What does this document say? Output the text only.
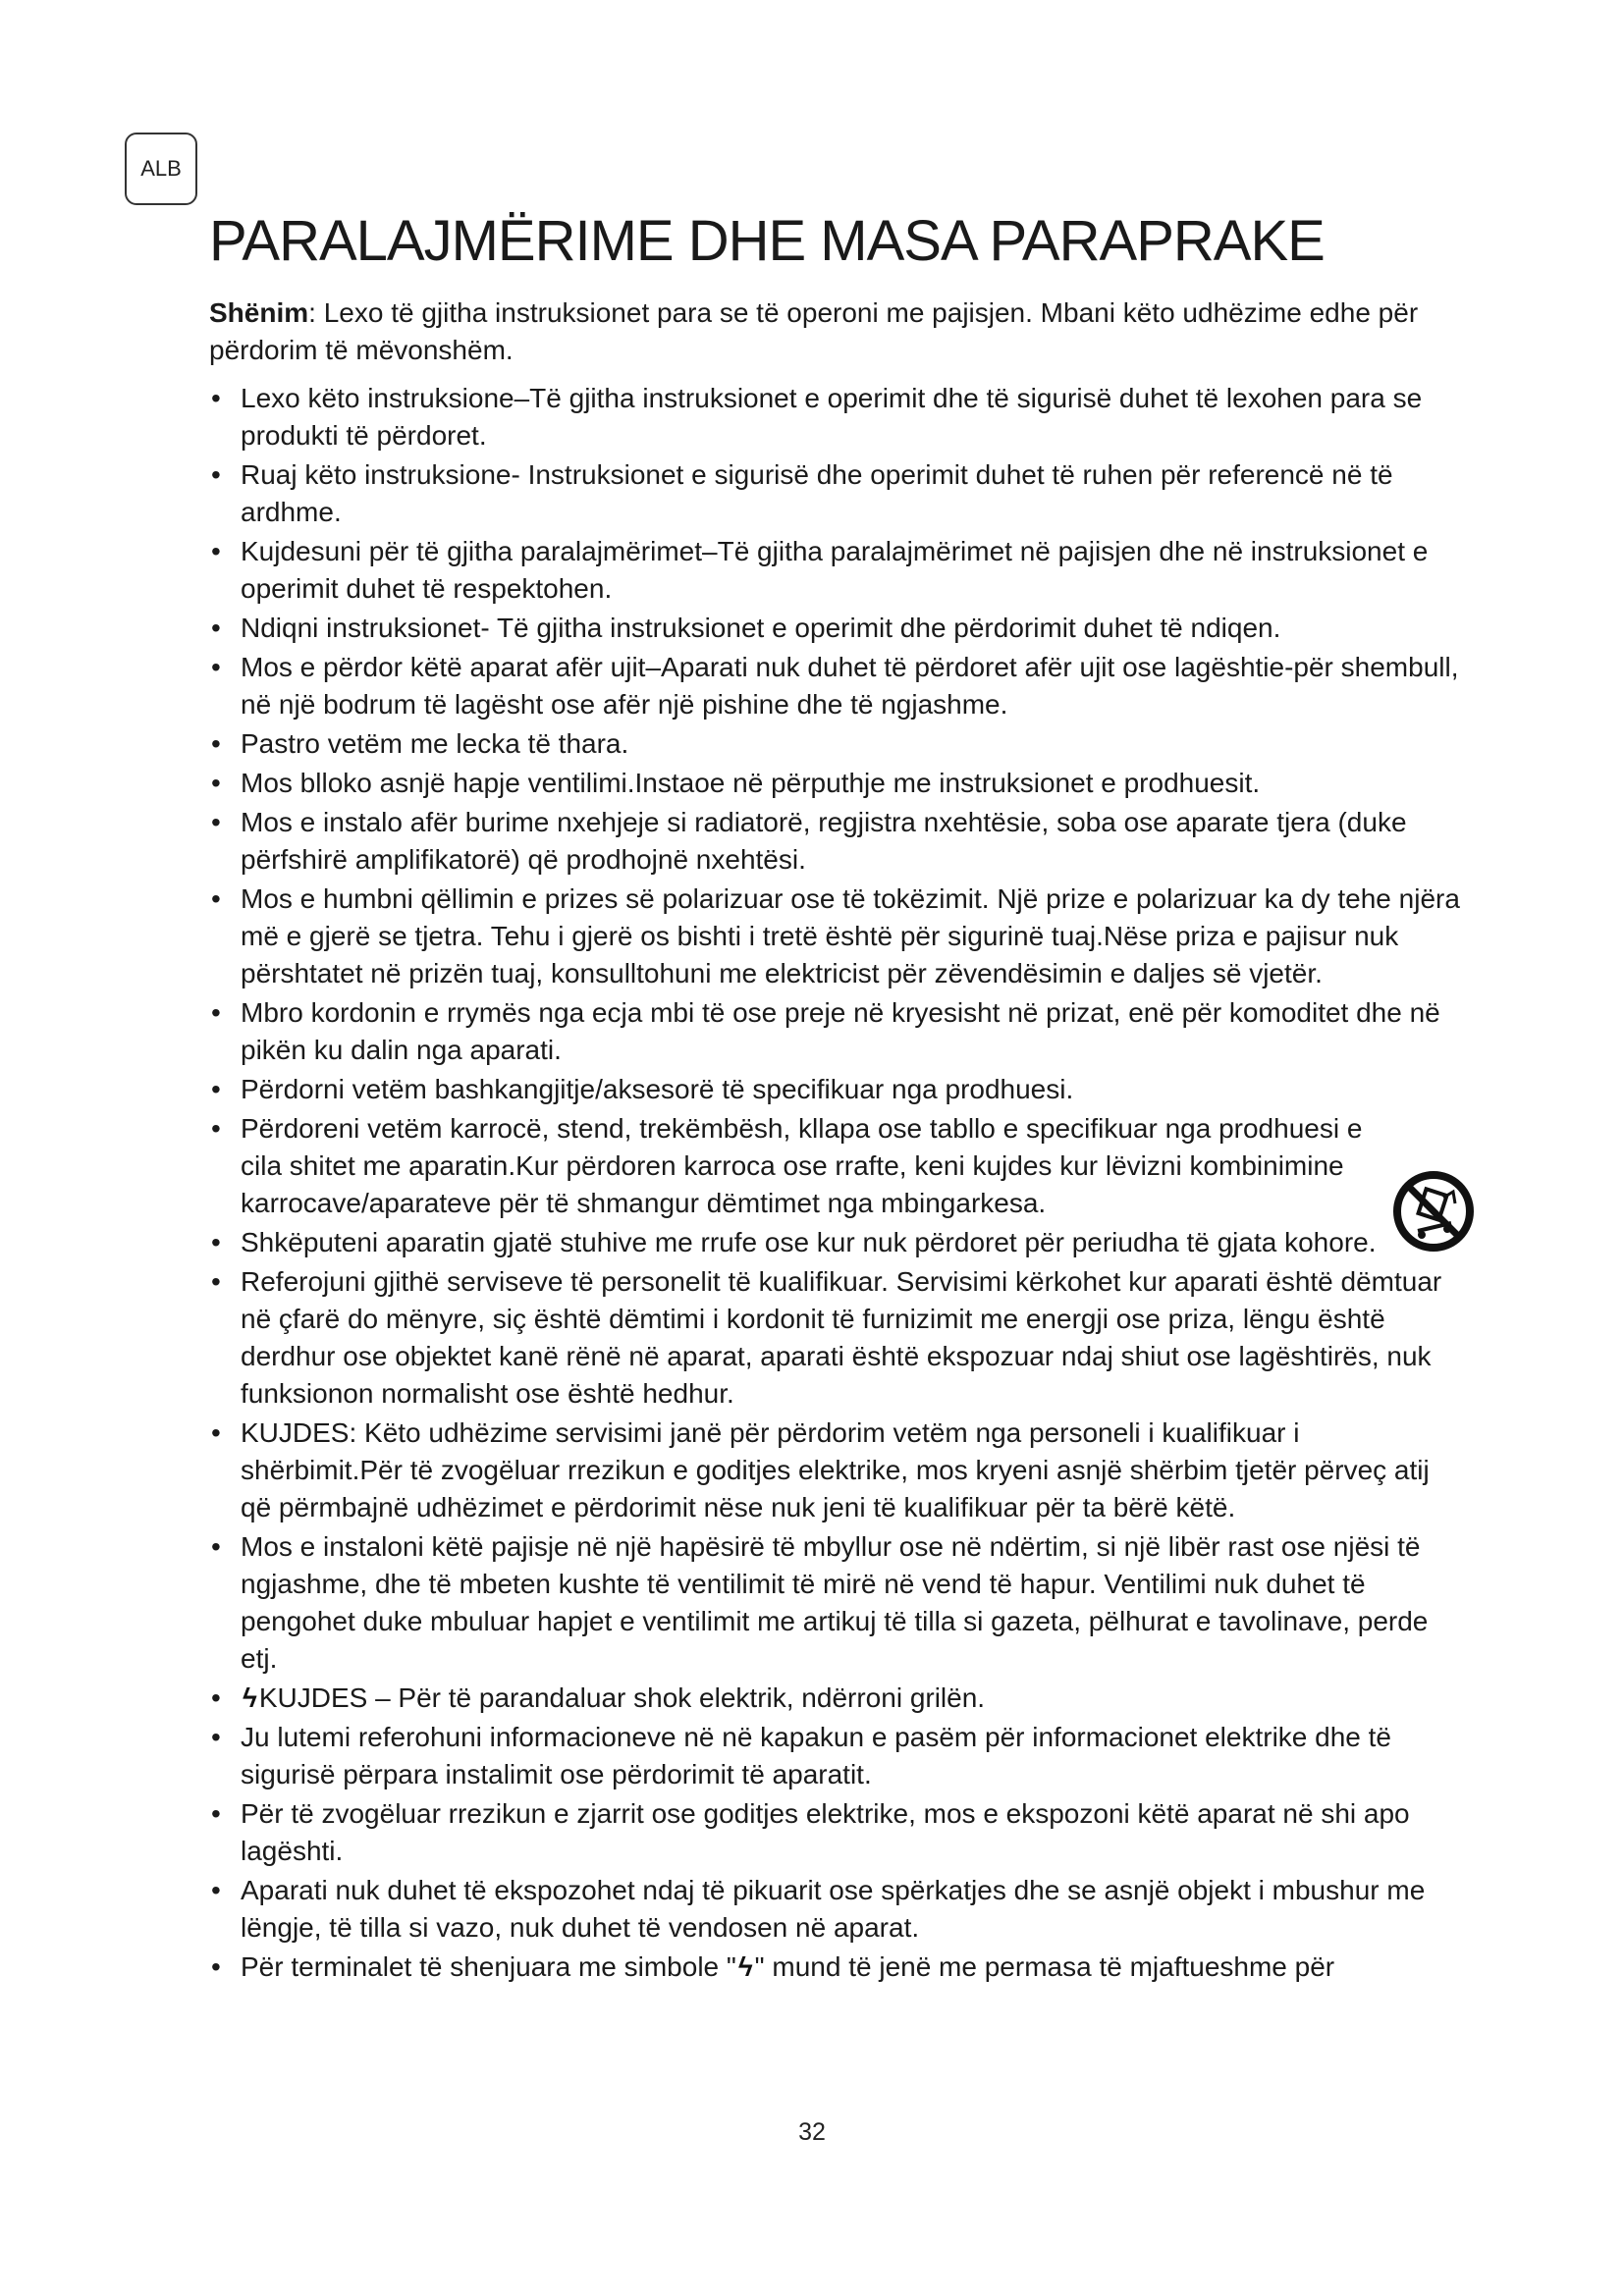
ALB
PARALAJMËRIME DHE MASA PARAPRAKE

Shënim: Lexo të gjitha instruksionet para se të operoni me pajisjen. Mbani këto udhëzime edhe për përdorim të mëvonshëm.

• Lexo këto instruksione–Të gjitha instruksionet e operimit dhe të sigurisë duhet të lexohen para se produkti të përdoret.
• Ruaj këto instruksione- Instruksionet e sigurisë dhe operimit duhet të ruhen për referencë në të ardhme.
• Kujdesuni për të gjitha paralajmërimet–Të gjitha paralajmërimet në pajisjen dhe në instruksionet e operimit duhet të respektohen.
• Ndiqni instruksionet- Të gjitha instruksionet e operimit dhe përdorimit duhet të ndiqen.
• Mos e përdor këtë aparat afër ujit–Aparati nuk duhet të përdoret afër ujit ose lagështie-për shembull, në një bodrum të lagësht ose afër një pishine dhe të ngjashme.
• Pastro vetëm me lecka të thara.
• Mos blloko asnjë hapje ventilimi.Instaoe në përputhje me instruksionet e prodhuesit.
• Mos e instalo afër burime nxehjeje si radiatorë, regjistra nxehtësie, soba ose aparate tjera (duke përfshirë amplifikatorë) që prodhojnë nxehtësi.
• Mos e humbni qëllimin e prizes së polarizuar ose të tokëzimit. Një prize e polarizuar ka dy tehe njëra më e gjerë se tjetra. Tehu i gjerë os bishti i tretë është për sigurinë tuaj.Nëse priza e pajisur nuk përshtatet në prizën tuaj, konsulltohuni me elektricist për zëvendësimin e daljes së vjetër.
• Mbro kordonin e rrymës nga ecja mbi të ose preje në kryesisht në prizat, enë për komoditet dhe në pikën ku dalin nga aparati.
• Përdorni vetëm bashkangjitje/aksesorë të specifikuar nga prodhuesi.
• Përdoreni vetëm karrocë, stend, trekëmbësh, kllapa ose tabllo e specifikuar nga prodhuesi e cila shitet me aparatin.Kur përdoren karroca ose rrafte, keni kujdes kur lëvizni kombinimine karrocave/aparateve për të shmangur dëmtimet nga mbingarkesa.
• Shkëputeni aparatin gjatë stuhive me rrufe ose kur nuk përdoret për periudha të gjata kohore.
• Referojuni gjithë serviseve të personelit të kualifikuar. Servisimi kërkohet kur aparati është dëmtuar në çfarë do mënyre, siç është dëmtimi i kordonit të furnizimit me energji ose priza, lëngu është derdhur ose objektet kanë rënë në aparat, aparati është ekspozuar ndaj shiut ose lagështirës, nuk funksionon normalisht ose është hedhur.
• KUJDES: Këto udhëzime servisimi janë për përdorim vetëm nga personeli i kualifikuar i shërbimit.Për të zvogëluar rrezikun e goditjes elektrike, mos kryeni asnjë shërbim tjetër përveç atij që përmbajnë udhëzimet e përdorimit nëse nuk jeni të kualifikuar për ta bërë këtë.
• Mos e instaloni këtë pajisje në një hapësirë të mbyllur ose në ndërtim, si një libër rast ose njësi të ngjashme, dhe të mbeten kushte të ventilimit të mirë në vend të hapur. Ventilimi nuk duhet të pengohet duke mbuluar hapjet e ventilimit me artikuj të tilla si gazeta, pëlhurat e tavolinave, perde etj.
• ϟKUJDES – Për të parandaluar shok elektrik, ndërroni grilën.
• Ju lutemi referohuni informacioneve në në kapakun e pasëm për informacionet elektrike dhe të sigurisë përpara instalimit ose përdorimit të aparatit.
• Për të zvogëluar rrezikun e zjarrit ose goditjes elektrike, mos e ekspozoni këtë aparat në shi apo lagështi.
• Aparati nuk duhet të ekspozohet ndaj të pikuarit ose spërkatjes dhe se asnjë objekt i mbushur me lëngje, të tilla si vazo, nuk duhet të vendosen në aparat.
• Për terminalet të shenjuara me simbole "ϟ" mund të jenë me permasa të mjaftueshme për
32
